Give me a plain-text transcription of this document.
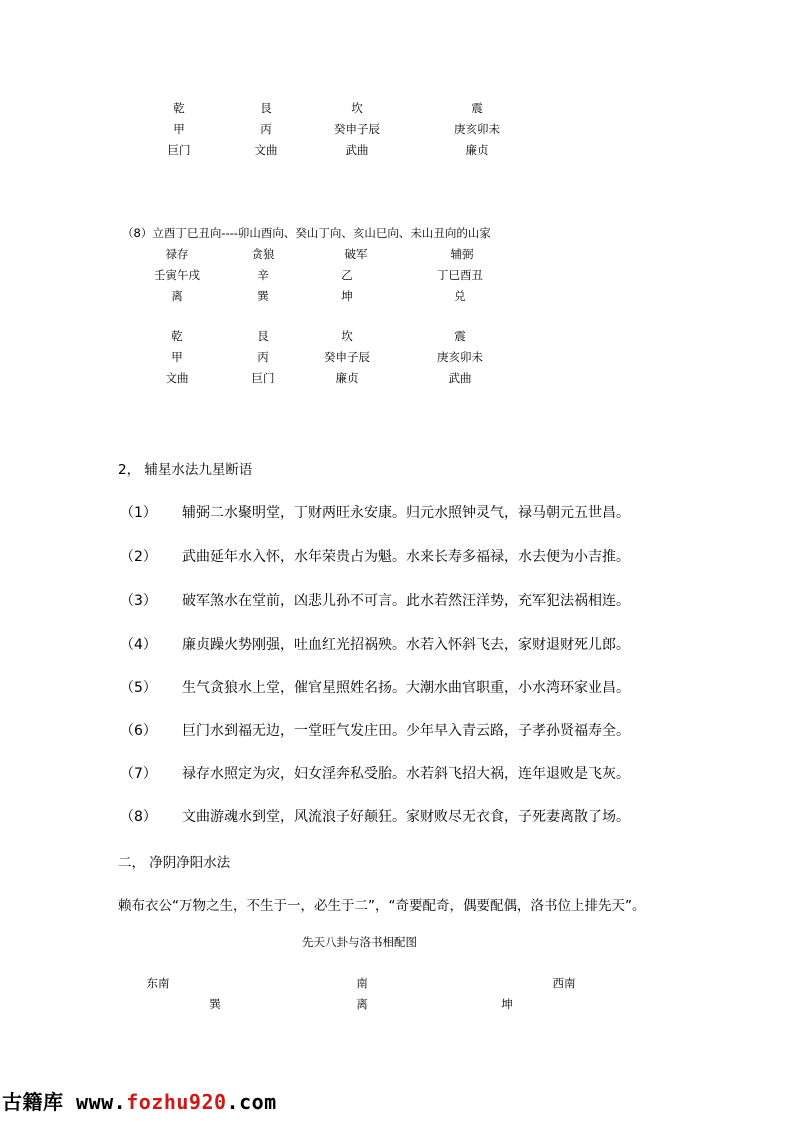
乾	艮	坎	震
甲	丙	癸申子辰	庚亥卯未
巨门	文曲	武曲	廉贞
（8）立酉丁巳丑向----卯山酉向、癸山丁向、亥山巳向、未山丑向的山家
禄存	贪狼	破军	辅弼
壬寅午戌	辛	乙	丁巳酉丑
离	巽	坤	兑
乾	艮	坎	震
甲	丙	癸申子辰	庚亥卯未
文曲	巨门	廉贞	武曲
2， 辅星水法九星断语
（1） 辅弼二水聚明堂，丁财两旺永安康。归元水照钟灵气，禄马朝元五世昌。
（2） 武曲延年水入怀，水年荣贵占为魁。水来长寿多福禄，水去便为小吉推。
（3） 破军煞水在堂前，凶悲儿孙不可言。此水若然汪洋势，充军犯法祸相连。
（4） 廉贞躁火势刚强，吐血红光招祸殃。水若入怀斜飞去，家财退财死儿郎。
（5） 生气贪狼水上堂，催官星照姓名扬。大潮水曲官职重，小水湾环家业昌。
（6） 巨门水到福无边，一堂旺气发庄田。少年早入青云路，子孝孙贤福寿全。
（7） 禄存水照定为灾，妇女淫奔私受胎。水若斜飞招大祸，连年退败是飞灰。
（8） 文曲游魂水到堂，风流浪子好颠狂。家财败尽无衣食，子死妻离散了场。
二， 净阴净阳水法
赖布衣公“万物之生，不生于一，必生于二”，“奇要配奇，偶要配偶，洛书位上排先天”。
先天八卦与洛书相配图
东南	南	西南
巽	离	坤
古籍库 www.fozhu920.com
